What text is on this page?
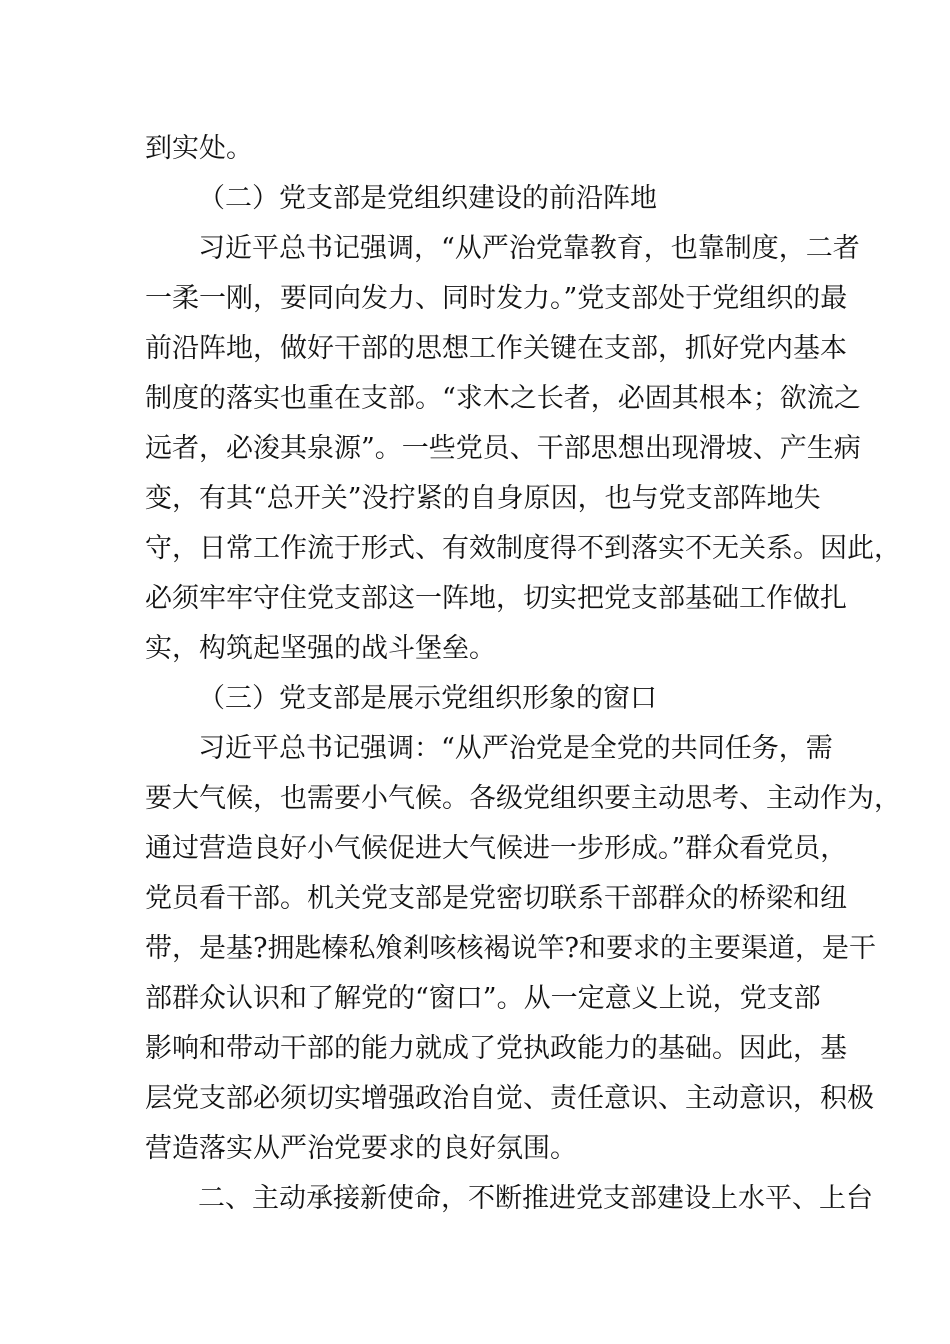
到实处。
（二）党支部是党组织建设的前沿阵地
习近平总书记强调，“从严治党靠教育，也靠制度，二者
一柔一刚，要同向发力、同时发力。”党支部处于党组织的最
前沿阵地，做好干部的思想工作关键在支部，抓好党内基本
制度的落实也重在支部。“求木之长者，必固其根本；欲流之
远者，必浚其泉源”。一些党员、干部思想出现滑坡、产生病
变，有其“总开关”没拧紧的自身原因，也与党支部阵地失
守，日常工作流于形式、有效制度得不到落实不无关系。因此，
必须牢牢守住党支部这一阵地，切实把党支部基础工作做扎
实，构筑起坚强的战斗堡垒。
（三）党支部是展示党组织形象的窗口
习近平总书记强调：“从严治党是全党的共同任务，需
要大气候，也需要小气候。各级党组织要主动思考、主动作为，
通过营造良好小气候促进大气候进一步形成。”群众看党员，
党员看干部。机关党支部是党密切联系干部群众的桥梁和纽
带，是基?拥匙榛私飧剎咳核褐说竿?和要求的主要渠道，是干
部群众认识和了解党的“窗口”。从一定意义上说，党支部
影响和带动干部的能力就成了党执政能力的基础。因此，基
层党支部必须切实增强政治自觉、责任意识、主动意识，积极
营造落实从严治党要求的良好氛围。
二、主动承接新使命，不断推进党支部建设上水平、上台
